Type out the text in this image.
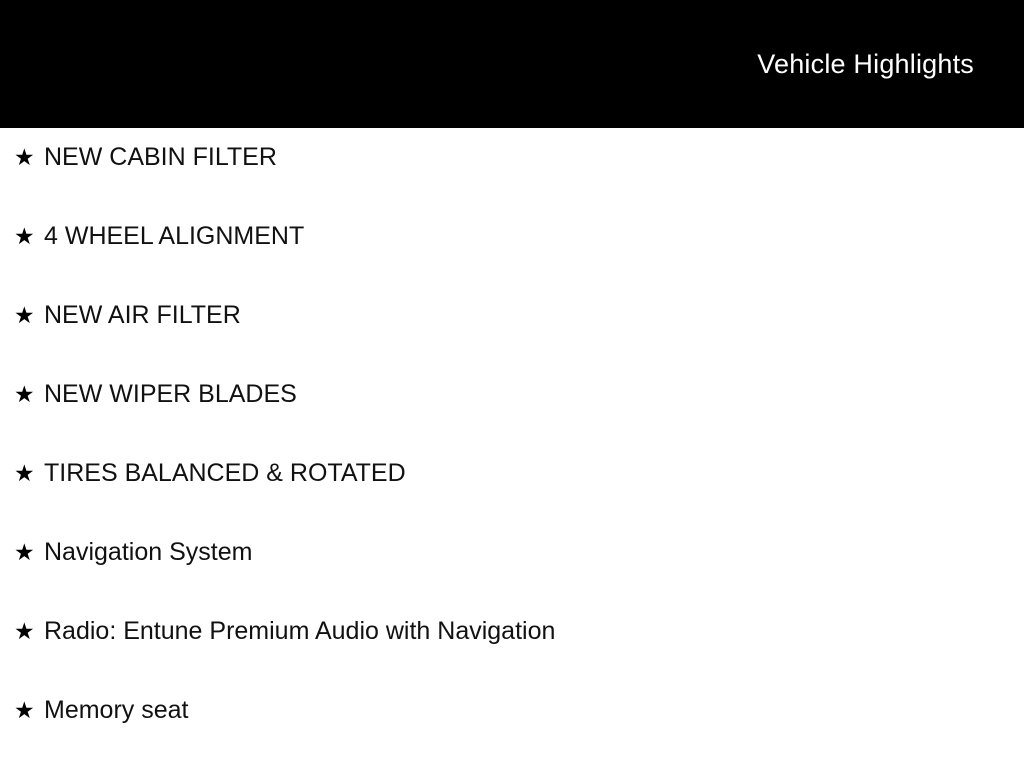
Vehicle Highlights
★ NEW CABIN FILTER
★ 4 WHEEL ALIGNMENT
★ NEW AIR FILTER
★ NEW WIPER BLADES
★ TIRES BALANCED & ROTATED
★ Navigation System
★ Radio: Entune Premium Audio with Navigation
★ Memory seat
